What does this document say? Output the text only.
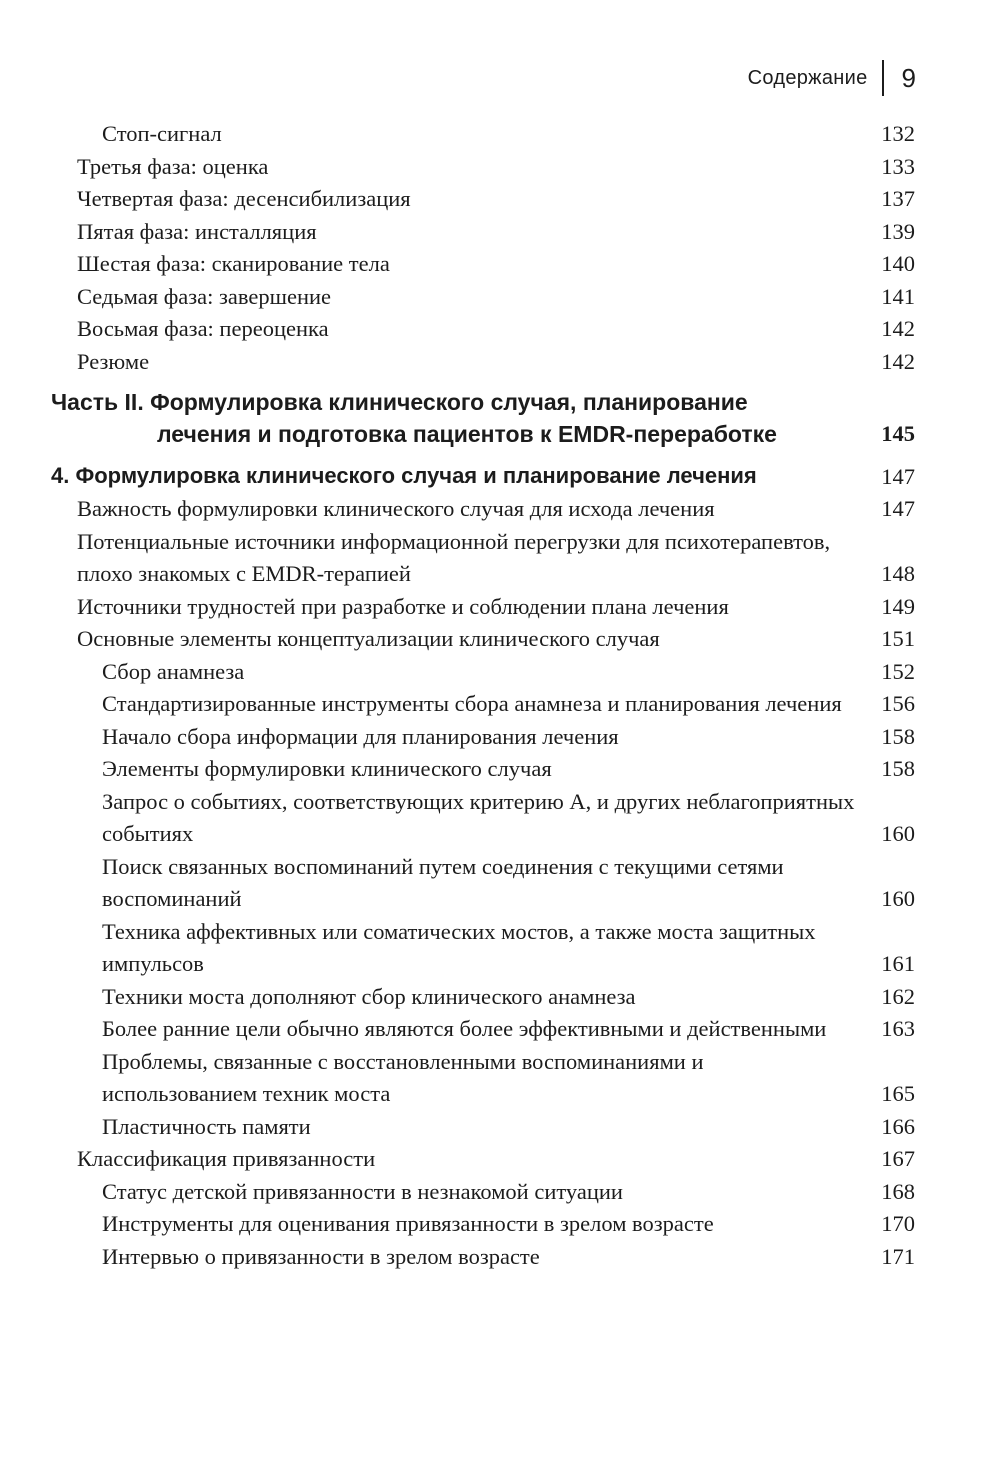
Содержание 9
Стоп-сигнал	132
Третья фаза: оценка	133
Четвертая фаза: десенсибилизация	137
Пятая фаза: инсталляция	139
Шестая фаза: сканирование тела	140
Седьмая фаза: завершение	141
Восьмая фаза: переоценка	142
Резюме	142
Часть II. Формулировка клинического случая, планирование
лечения и подготовка пациентов к EMDR-переработке	145
4. Формулировка клинического случая и планирование лечения	147
Важность формулировки клинического случая для исхода лечения	147
Потенциальные источники информационной перегрузки для психотерапевтов, плохо знакомых с EMDR-терапией	148
Источники трудностей при разработке и соблюдении плана лечения	149
Основные элементы концептуализации клинического случая	151
Сбор анамнеза	152
Стандартизированные инструменты сбора анамнеза и планирования лечения	156
Начало сбора информации для планирования лечения	158
Элементы формулировки клинического случая	158
Запрос о событиях, соответствующих критерию А, и других неблагоприятных событиях	160
Поиск связанных воспоминаний путем соединения с текущими сетями воспоминаний	160
Техника аффективных или соматических мостов, а также моста защитных импульсов	161
Техники моста дополняют сбор клинического анамнеза	162
Более ранние цели обычно являются более эффективными и действенными	163
Проблемы, связанные с восстановленными воспоминаниями и использованием техник моста	165
Пластичность памяти	166
Классификация привязанности	167
Статус детской привязанности в незнакомой ситуации	168
Инструменты для оценивания привязанности в зрелом возрасте	170
Интервью о привязанности в зрелом возрасте	171
